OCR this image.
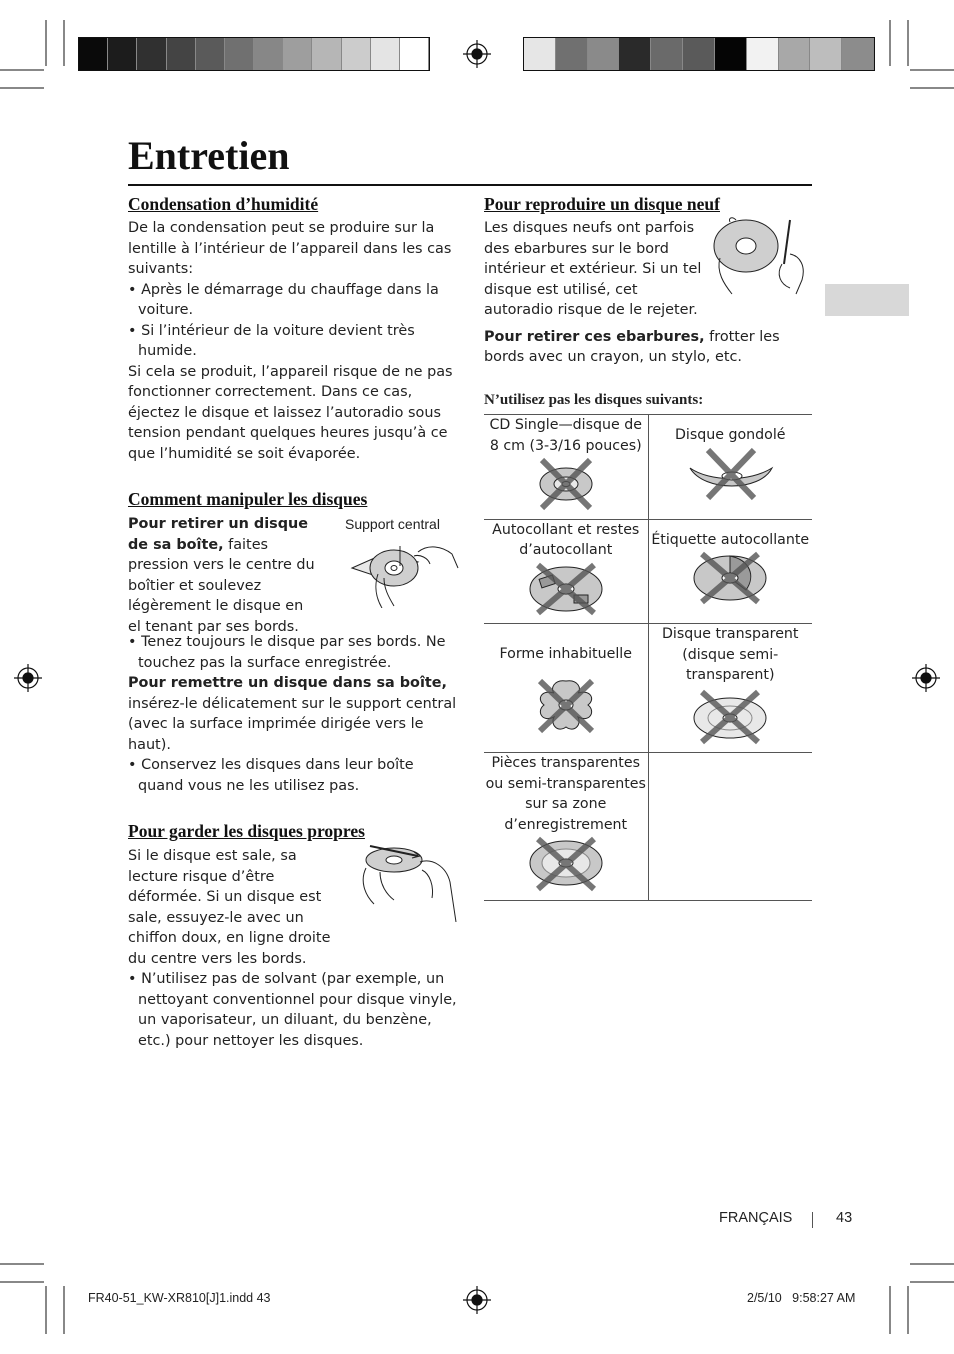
Entretien
Condensation d’humidité

De la condensation peut se produire sur la lentille à l’intérieur de l’appareil dans les cas suivants:

• Après le démarrage du chauffage dans la voiture.

• Si l’intérieur de la voiture devient très humide.

Si cela se produit, l’appareil risque de ne pas fonctionner correctement. Dans ce cas, éjectez le disque et laissez l’autoradio sous tension pendant quelques heures jusqu’à ce que l’humidité se soit évaporée.

Comment manipuler les disques

Pour retirer un disque de sa boîte, faites pression vers le centre du boîtier et soulevez légèrement le disque en el tenant par ses bords.

Support central

• Tenez toujours le disque par ses bords. Ne touchez pas la surface enregistrée.

Pour remettre un disque dans sa boîte,
insérez-le délicatement sur le support central (avec la surface imprimée dirigée vers le haut).

• Conservez les disques dans leur boîte quand vous ne les utilisez pas.

Pour garder les disques propres

Si le disque est sale, sa lecture risque d’être déformée. Si un disque est sale, essuyez-le avec un chiffon doux, en ligne droite du centre vers les bords.

• N’utilisez pas de solvant (par exemple, un nettoyant conventionnel pour disque vinyle, un vaporisateur, un diluant, du benzène, etc.) pour nettoyer les disques.

Pour reproduire un disque neuf

Les disques neufs ont parfois des ebarbures sur le bord intérieur et extérieur. Si un tel disque est utilisé, cet autoradio risque de le rejeter.

Pour retirer ces ebarbures, frotter les bords avec un crayon, un stylo, etc.

N’utilisez pas les disques suivants:

CD Single—disque de 8 cm (3-3/16 pouces)	Disque gondolé

Autocollant et restes d’autocollant	Étiquette autocollante

Forme inhabituelle	Disque transparent (disque semi-transparent)

Pièces transparentes ou semi-transparentes sur sa zone d’enregistrement	

FRANÇAIS	43
FR40-51_KW-XR810[J]1.indd 43	2/5/10   9:58:27 AM
